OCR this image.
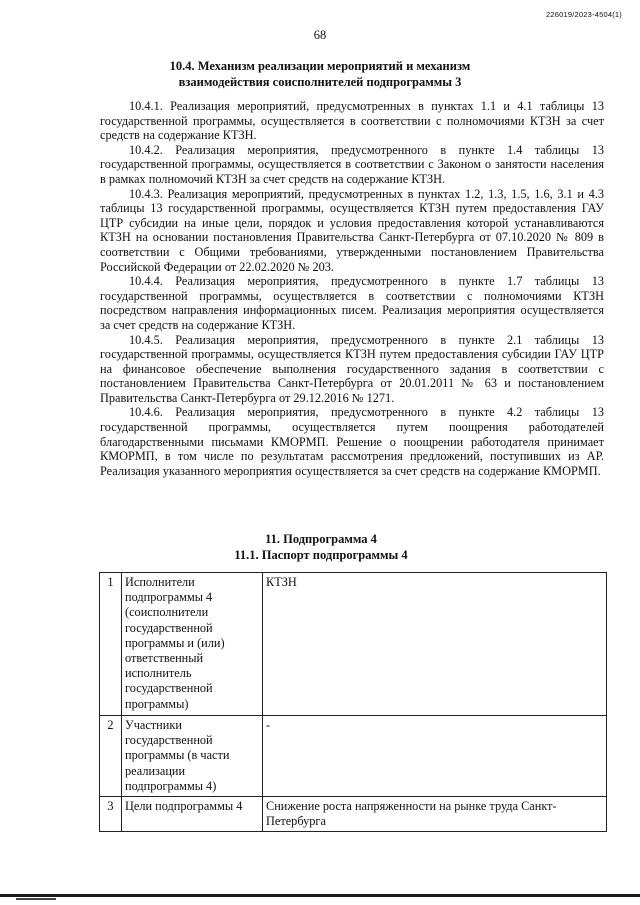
226019/2023-4504(1)
68
10.4. Механизм реализации мероприятий и механизм
взаимодействия соисполнителей подпрограммы 3

10.4.1. Реализация мероприятий, предусмотренных в пунктах 1.1 и 4.1 таблицы 13 государственной программы, осуществляется в соответствии с полномочиями КТЗН за счет средств на содержание КТЗН.

10.4.2. Реализация мероприятия, предусмотренного в пункте 1.4 таблицы 13 государственной программы, осуществляется в соответствии с Законом о занятости населения в рамках полномочий КТЗН за счет средств на содержание КТЗН.

10.4.3. Реализация мероприятий, предусмотренных в пунктах 1.2, 1.3, 1.5, 1.6, 3.1 и 4.3 таблицы 13 государственной программы, осуществляется КТЗН путем предоставления ГАУ ЦТР субсидии на иные цели, порядок и условия предоставления которой устанавливаются КТЗН на основании постановления Правительства Санкт-Петербурга от 07.10.2020 № 809 в соответствии с Общими требованиями, утвержденными постановлением Правительства Российской Федерации от 22.02.2020 № 203.

10.4.4. Реализация мероприятия, предусмотренного в пункте 1.7 таблицы 13 государственной программы, осуществляется в соответствии с полномочиями КТЗН посредством направления информационных писем. Реализация мероприятия осуществляется за счет средств на содержание КТЗН.

10.4.5. Реализация мероприятия, предусмотренного в пункте 2.1 таблицы 13 государственной программы, осуществляется КТЗН путем предоставления субсидии ГАУ ЦТР на финансовое обеспечение выполнения государственного задания в соответствии с постановлением Правительства Санкт-Петербурга от 20.01.2011 № 63 и постановлением Правительства Санкт-Петербурга от 29.12.2016 № 1271.

10.4.6. Реализация мероприятия, предусмотренного в пункте 4.2 таблицы 13 государственной программы, осуществляется путем поощрения работодателей благодарственными письмами КМОРМП. Решение о поощрении работодателя принимает КМОРМП, в том числе по результатам рассмотрения предложений, поступивших из АР. Реализация указанного мероприятия осуществляется за счет средств на содержание КМОРМП.

11. Подпрограмма 4
11.1. Паспорт подпрограммы 4
1	Исполнители подпрограммы 4 (соисполнители государственной программы и (или) ответственный исполнитель государственной программы)	КТЗН
2	Участники государственной программы (в части реализации подпрограммы 4)	-
3	Цели подпрограммы 4	Снижение роста напряженности на рынке труда Санкт-Петербурга
